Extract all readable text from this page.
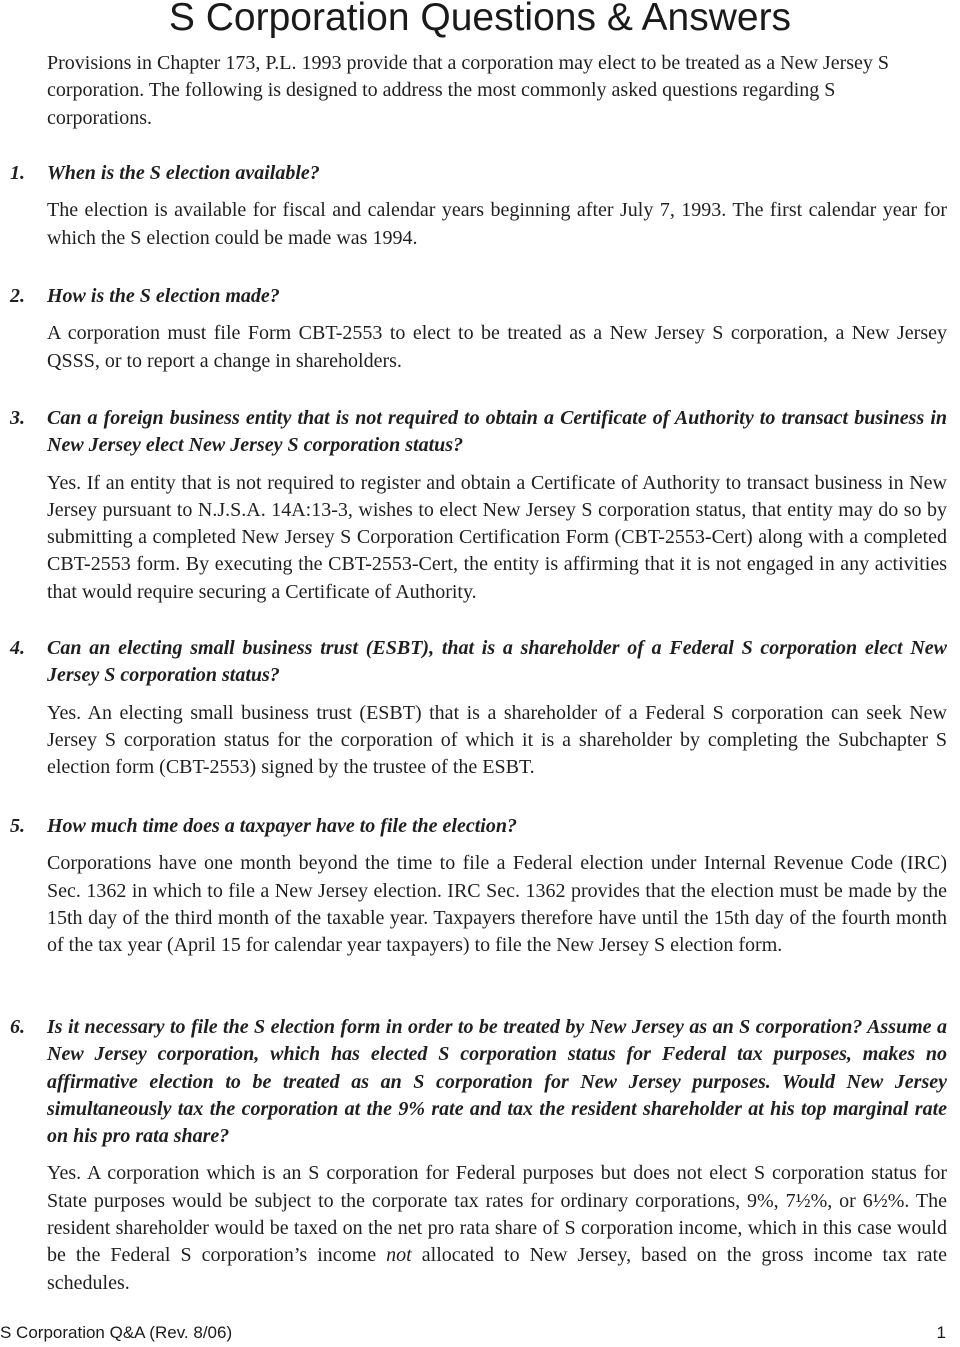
S Corporation Questions & Answers

Provisions in Chapter 173, P.L. 1993 provide that a corporation may elect to be treated as a New Jersey S corporation. The following is designed to address the most commonly asked questions regarding S corporations.

1. When is the S election available?
The election is available for fiscal and calendar years beginning after July 7, 1993. The first calendar year for which the S election could be made was 1994.
2. How is the S election made?
A corporation must file Form CBT-2553 to elect to be treated as a New Jersey S corporation, a New Jersey QSSS, or to report a change in shareholders.
3. Can a foreign business entity that is not required to obtain a Certificate of Authority to transact business in New Jersey elect New Jersey S corporation status?
Yes. If an entity that is not required to register and obtain a Certificate of Authority to transact business in New Jersey pursuant to N.J.S.A. 14A:13-3, wishes to elect New Jersey S corporation status, that entity may do so by submitting a completed New Jersey S Corporation Certification Form (CBT-2553-Cert) along with a completed CBT-2553 form. By executing the CBT-2553-Cert, the entity is affirming that it is not engaged in any activities that would require securing a Certificate of Authority.
4. Can an electing small business trust (ESBT), that is a shareholder of a Federal S corporation elect New Jersey S corporation status?
Yes. An electing small business trust (ESBT) that is a shareholder of a Federal S corporation can seek New Jersey S corporation status for the corporation of which it is a shareholder by completing the Subchapter S election form (CBT-2553) signed by the trustee of the ESBT.
5. How much time does a taxpayer have to file the election?
Corporations have one month beyond the time to file a Federal election under Internal Revenue Code (IRC) Sec. 1362 in which to file a New Jersey election. IRC Sec. 1362 provides that the election must be made by the 15th day of the third month of the taxable year. Taxpayers therefore have until the 15th day of the fourth month of the tax year (April 15 for calendar year taxpayers) to file the New Jersey S election form.
6. Is it necessary to file the S election form in order to be treated by New Jersey as an S corporation? Assume a New Jersey corporation, which has elected S corporation status for Federal tax purposes, makes no affirmative election to be treated as an S corporation for New Jersey purposes. Would New Jersey simultaneously tax the corporation at the 9% rate and tax the resident shareholder at his top marginal rate on his pro rata share?
Yes. A corporation which is an S corporation for Federal purposes but does not elect S corporation status for State purposes would be subject to the corporate tax rates for ordinary corporations, 9%, 7½%, or 6½%. The resident shareholder would be taxed on the net pro rata share of S corporation income, which in this case would be the Federal S corporation’s income not allocated to New Jersey, based on the gross income tax rate schedules.
S Corporation Q&A (Rev. 8/06)	1
